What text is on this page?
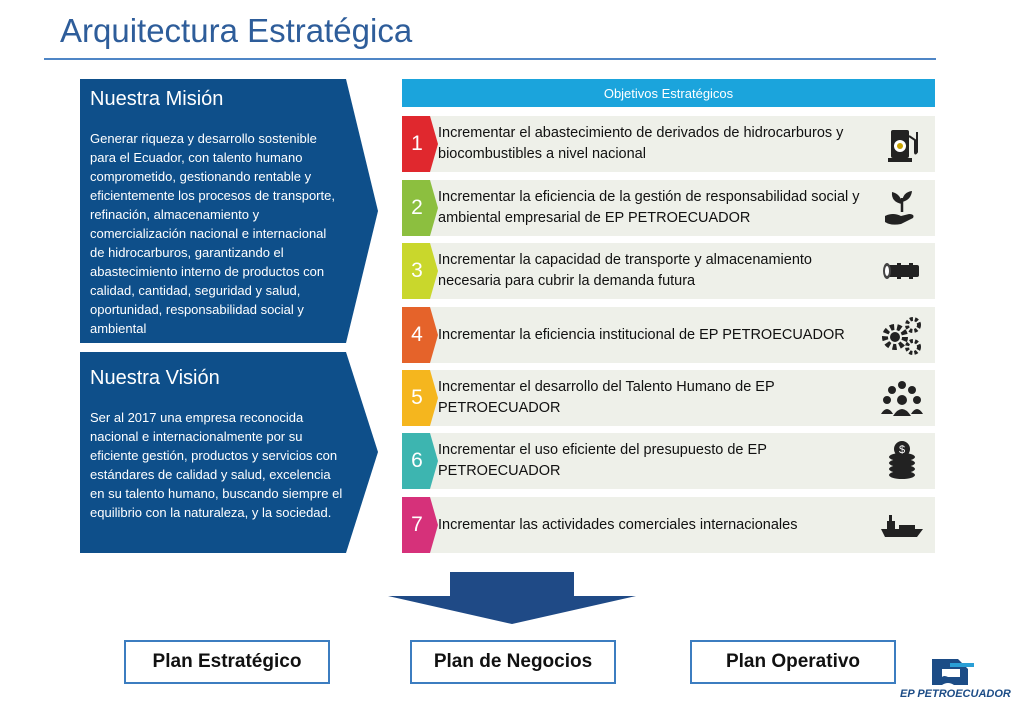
Arquitectura Estratégica
Nuestra Misión
Generar riqueza y desarrollo sostenible para el Ecuador, con talento humano comprometido, gestionando rentable y eficientemente los procesos de transporte, refinación, almacenamiento y comercialización nacional e internacional de hidrocarburos, garantizando el abastecimiento interno de productos con calidad, cantidad, seguridad y salud, oportunidad, responsabilidad social y ambiental
Nuestra Visión
Ser al 2017 una empresa reconocida nacional e internacionalmente por su eficiente gestión, productos y servicios con estándares de calidad y salud, excelencia en su talento humano, buscando siempre el equilibrio con la naturaleza, y la sociedad.
Objetivos Estratégicos
1	Incrementar el abastecimiento de derivados de hidrocarburos y biocombustibles a nivel nacional
2	Incrementar la eficiencia de la gestión de responsabilidad social y ambiental empresarial de EP PETROECUADOR
3	Incrementar la capacidad de transporte y almacenamiento necesaria para cubrir la demanda futura
4	Incrementar la eficiencia institucional de EP PETROECUADOR
5	Incrementar el desarrollo del Talento Humano de EP PETROECUADOR
6	Incrementar el uso eficiente del presupuesto de EP PETROECUADOR
$
7	Incrementar las actividades comerciales internacionales
Plan Estratégico	Plan de Negocios	Plan Operativo
EP PETROECUADOR
